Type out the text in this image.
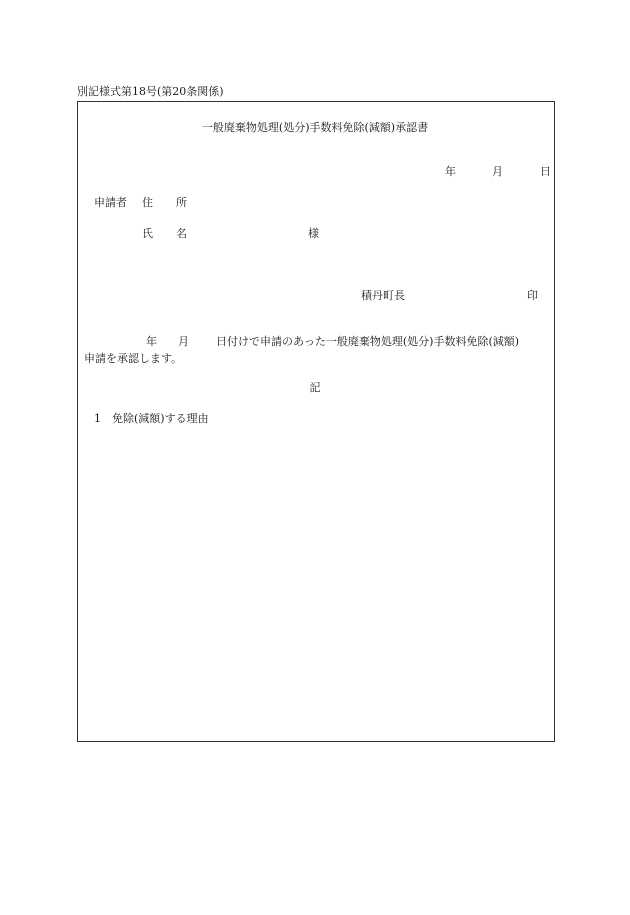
別記様式第18号(第20条関係)
一般廃棄物処理(処分)手数料免除(減額)承認書
年	月	日
申請者 住 所
氏 名	様
積丹町長	印
年 月 日付けで申請のあった一般廃棄物処理(処分)手数料免除(減額)
申請を承認します。
記
1 免除(減額)する理由
